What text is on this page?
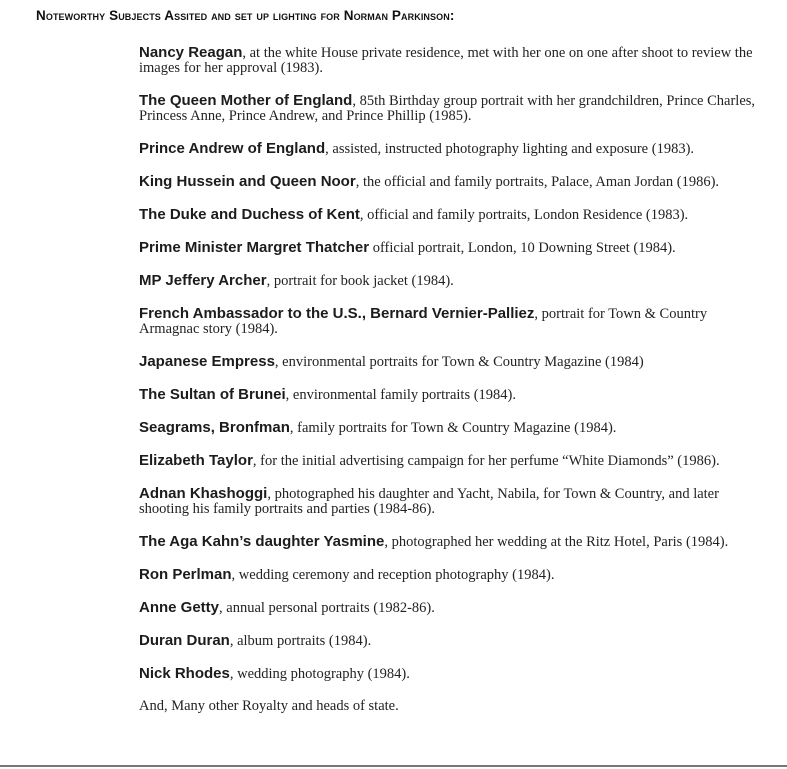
Noteworthy Subjects Assited and set up lighting for Norman Parkinson:

Nancy Reagan, at the white House private residence, met with her one on one after shoot to review the images for her approval (1983).

The Queen Mother of England, 85th Birthday group portrait with her grandchildren, Prince Charles, Princess Anne, Prince Andrew, and Prince Phillip (1985).

Prince Andrew of England, assisted, instructed photography lighting and exposure (1983).

King Hussein and Queen Noor, the official and family portraits, Palace, Aman Jordan (1986).

The Duke and Duchess of Kent, official and family portraits, London Residence (1983).

Prime Minister Margret Thatcher official portrait, London, 10 Downing Street (1984).

MP Jeffery Archer, portrait for book jacket (1984).

French Ambassador to the U.S., Bernard Vernier-Palliez, portrait for Town & Country Armagnac story (1984).

Japanese Empress, environmental portraits for Town & Country Magazine (1984)

The Sultan of Brunei, environmental family portraits (1984).

Seagrams, Bronfman, family portraits for Town & Country Magazine (1984).

Elizabeth Taylor, for the initial advertising campaign for her perfume “White Diamonds” (1986).

Adnan Khashoggi, photographed his daughter and Yacht, Nabila, for Town & Country, and later shooting his family portraits and parties (1984-86).

The Aga Kahn’s daughter Yasmine, photographed her wedding at the Ritz Hotel, Paris (1984).

Ron Perlman, wedding ceremony and reception photography (1984).

Anne Getty, annual personal portraits (1982-86).

Duran Duran, album portraits (1984).

Nick Rhodes, wedding photography (1984).

And, Many other Royalty and heads of state.
